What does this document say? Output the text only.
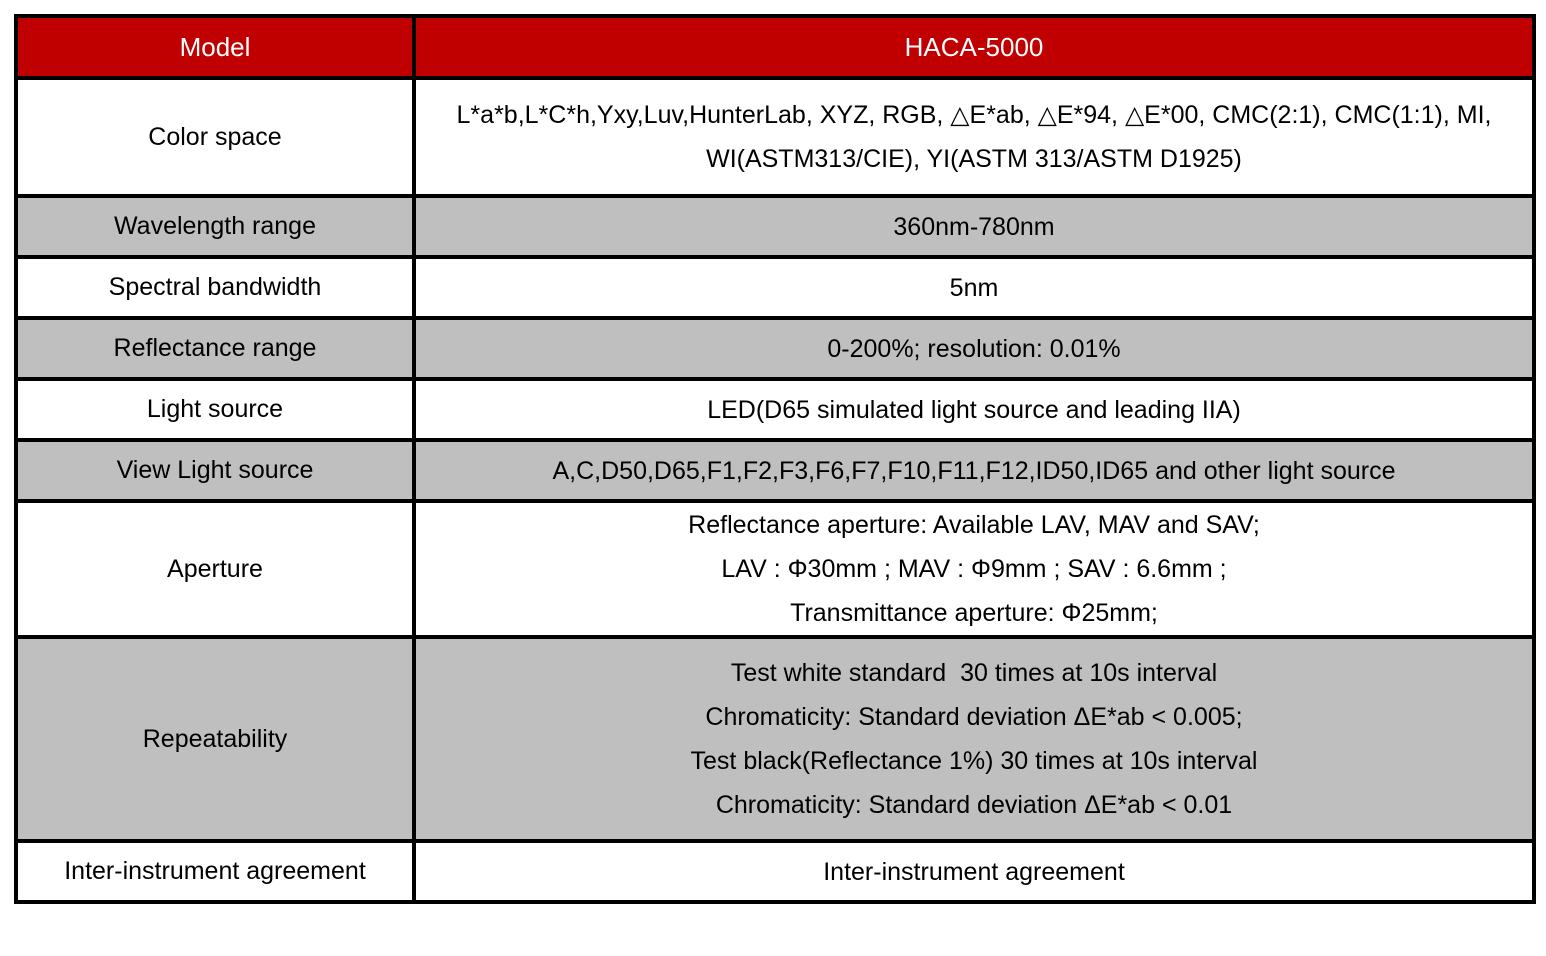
Model	HACA-5000
Color space	L*a*b,L*C*h,Yxy,Luv,HunterLab, XYZ, RGB, △E*ab, △E*94, △E*00, CMC(2:1), CMC(1:1), MI,
WI(ASTM313/CIE), YI(ASTM 313/ASTM D1925)

Wavelength range	360nm-780nm

Spectral bandwidth	5nm

Reflectance range	0-200%; resolution: 0.01%

Light source	LED(D65 simulated light source and leading IIA)

View Light source	A,C,D50,D65,F1,F2,F3,F6,F7,F10,F11,F12,ID50,ID65 and other light source

Aperture	Reflectance aperture: Available LAV, MAV and SAV;
LAV : Φ30mm ; MAV : Φ9mm ; SAV : 6.6mm ;
Transmittance aperture: Φ25mm;

Repeatability	Test white standard  30 times at 10s interval
Chromaticity: Standard deviation ΔE*ab < 0.005;
Test black(Reflectance 1%) 30 times at 10s interval
Chromaticity: Standard deviation ΔE*ab < 0.01

Inter-instrument agreement	Inter-instrument agreement
